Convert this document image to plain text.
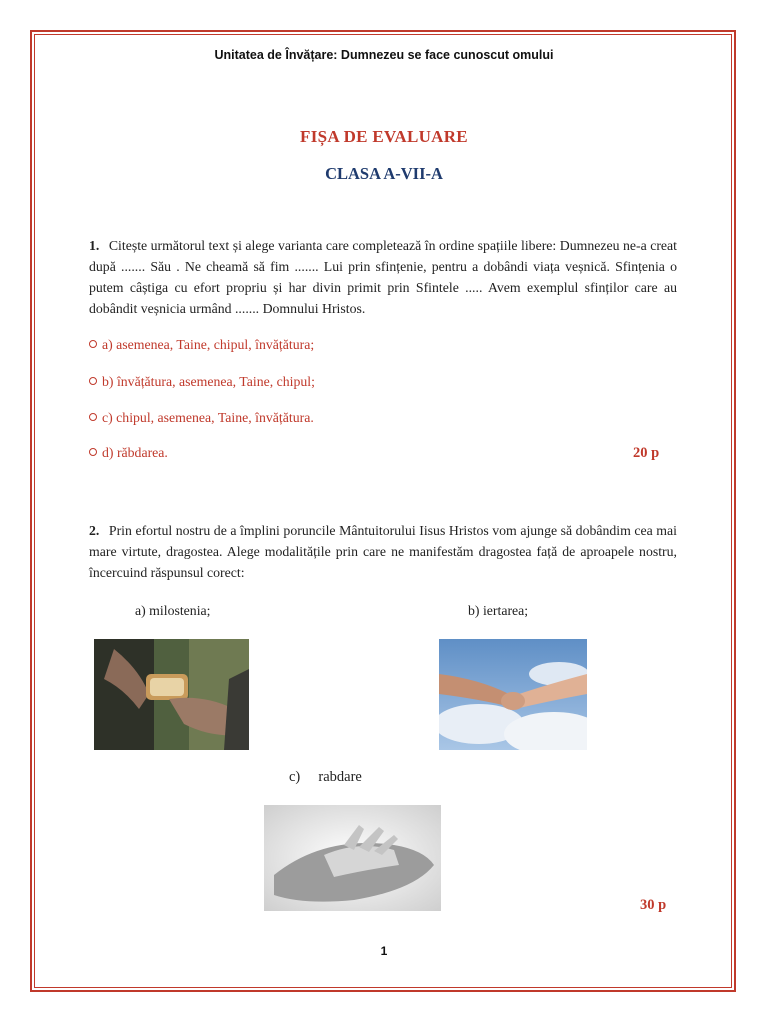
Unitatea de Învățare: Dumnezeu se face cunoscut omului
FIȘA DE EVALUARE
CLASA A-VII-A
1. Citește următorul text și alege varianta care completează în ordine spațiile libere: Dumnezeu ne-a creat după ....... Său . Ne cheamă să fim ....... Lui prin sfințenie, pentru a dobândi viața veșnică. Sfințenia o putem câștiga cu efort propriu și har divin primit prin Sfintele ..... Avem exemplul sfinților care au dobândit veșnicia urmând ....... Domnului Hristos.
a) asemenea, Taine, chipul, învățătura;
b) învățătura, asemenea, Taine, chipul;
c) chipul, asemenea, Taine, învățătura.
d) răbdarea.	20 p
2. Prin efortul nostru de a împlini poruncile Mântuitorului Iisus Hristos vom ajunge să dobândim cea mai mare virtute, dragostea. Alege modalitățile prin care ne manifestăm dragostea față de aproapele nostru, încercuind răspunsul corect:
a) milostenia;	b) iertarea;
c)     rabdare
30 p
1
